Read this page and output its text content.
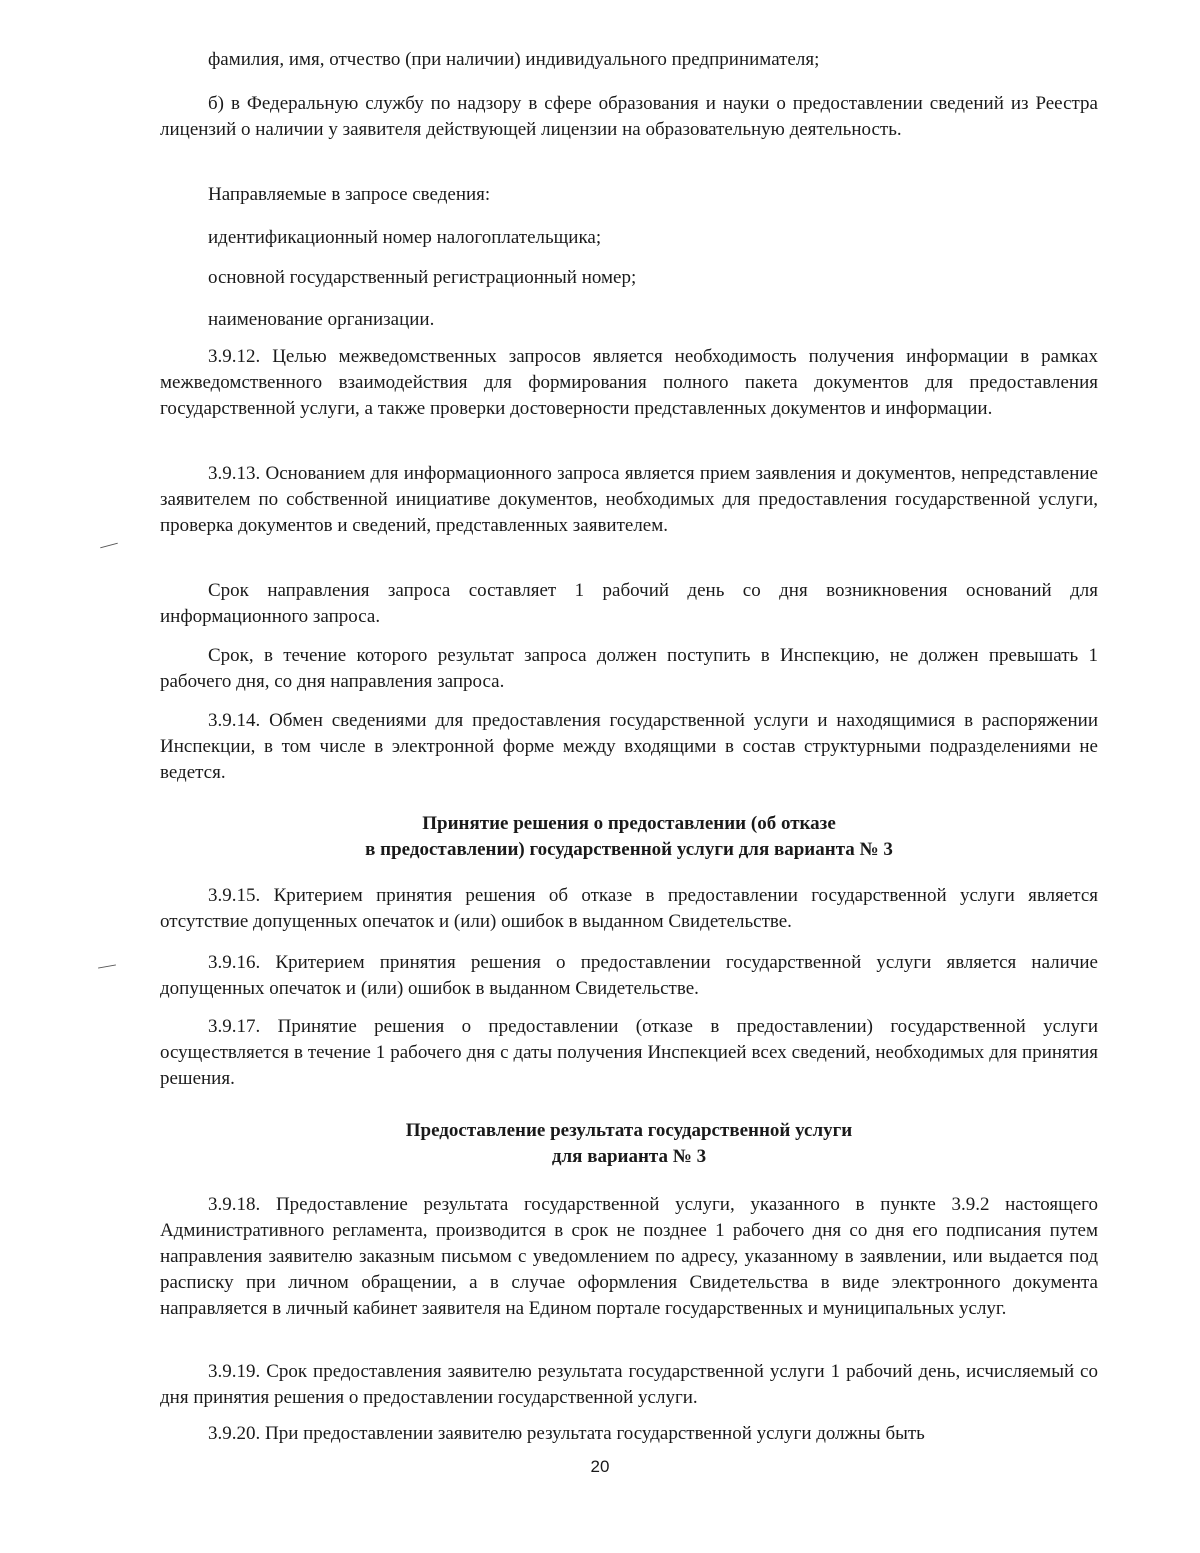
фамилия, имя, отчество (при наличии) индивидуального предпринимателя;

б) в Федеральную службу по надзору в сфере образования и науки о предоставлении сведений из Реестра лицензий о наличии у заявителя действующей лицензии на образовательную деятельность.

Направляемые в запросе сведения:

идентификационный номер налогоплательщика;

основной государственный регистрационный номер;

наименование организации.

3.9.12. Целью межведомственных запросов является необходимость получения информации в рамках межведомственного взаимодействия для формирования полного пакета документов для предоставления государственной услуги, а также проверки достоверности представленных документов и информации.

3.9.13. Основанием для информационного запроса является прием заявления и документов, непредставление заявителем по собственной инициативе документов, необходимых для предоставления государственной услуги, проверка документов и сведений, представленных заявителем.

Срок направления запроса составляет 1 рабочий день со дня возникновения оснований для информационного запроса.

Срок, в течение которого результат запроса должен поступить в Инспекцию, не должен превышать 1 рабочего дня, со дня направления запроса.

3.9.14. Обмен сведениями для предоставления государственной услуги и находящимися в распоряжении Инспекции, в том числе в электронной форме между входящими в состав структурными подразделениями не ведется.

Принятие решения о предоставлении (об отказе
в предоставлении) государственной услуги для варианта № 3

3.9.15. Критерием принятия решения об отказе в предоставлении государственной услуги является отсутствие допущенных опечаток и (или) ошибок в выданном Свидетельстве.

3.9.16. Критерием принятия решения о предоставлении государственной услуги является наличие допущенных опечаток и (или) ошибок в выданном Свидетельстве.

3.9.17. Принятие решения о предоставлении (отказе в предоставлении) государственной услуги осуществляется в течение 1 рабочего дня с даты получения Инспекцией всех сведений, необходимых для принятия решения.

Предоставление результата государственной услуги
для варианта № 3

3.9.18. Предоставление результата государственной услуги, указанного в пункте 3.9.2 настоящего Административного регламента, производится в срок не позднее 1 рабочего дня со дня его подписания путем направления заявителю заказным письмом с уведомлением по адресу, указанному в заявлении, или выдается под расписку при личном обращении, а в случае оформления Свидетельства в виде электронного документа направляется в личный кабинет заявителя на Едином портале государственных и муниципальных услуг.

3.9.19. Срок предоставления заявителю результата государственной услуги 1 рабочий день, исчисляемый со дня принятия решения о предоставлении государственной услуги.

3.9.20. При предоставлении заявителю результата государственной услуги должны быть

20
